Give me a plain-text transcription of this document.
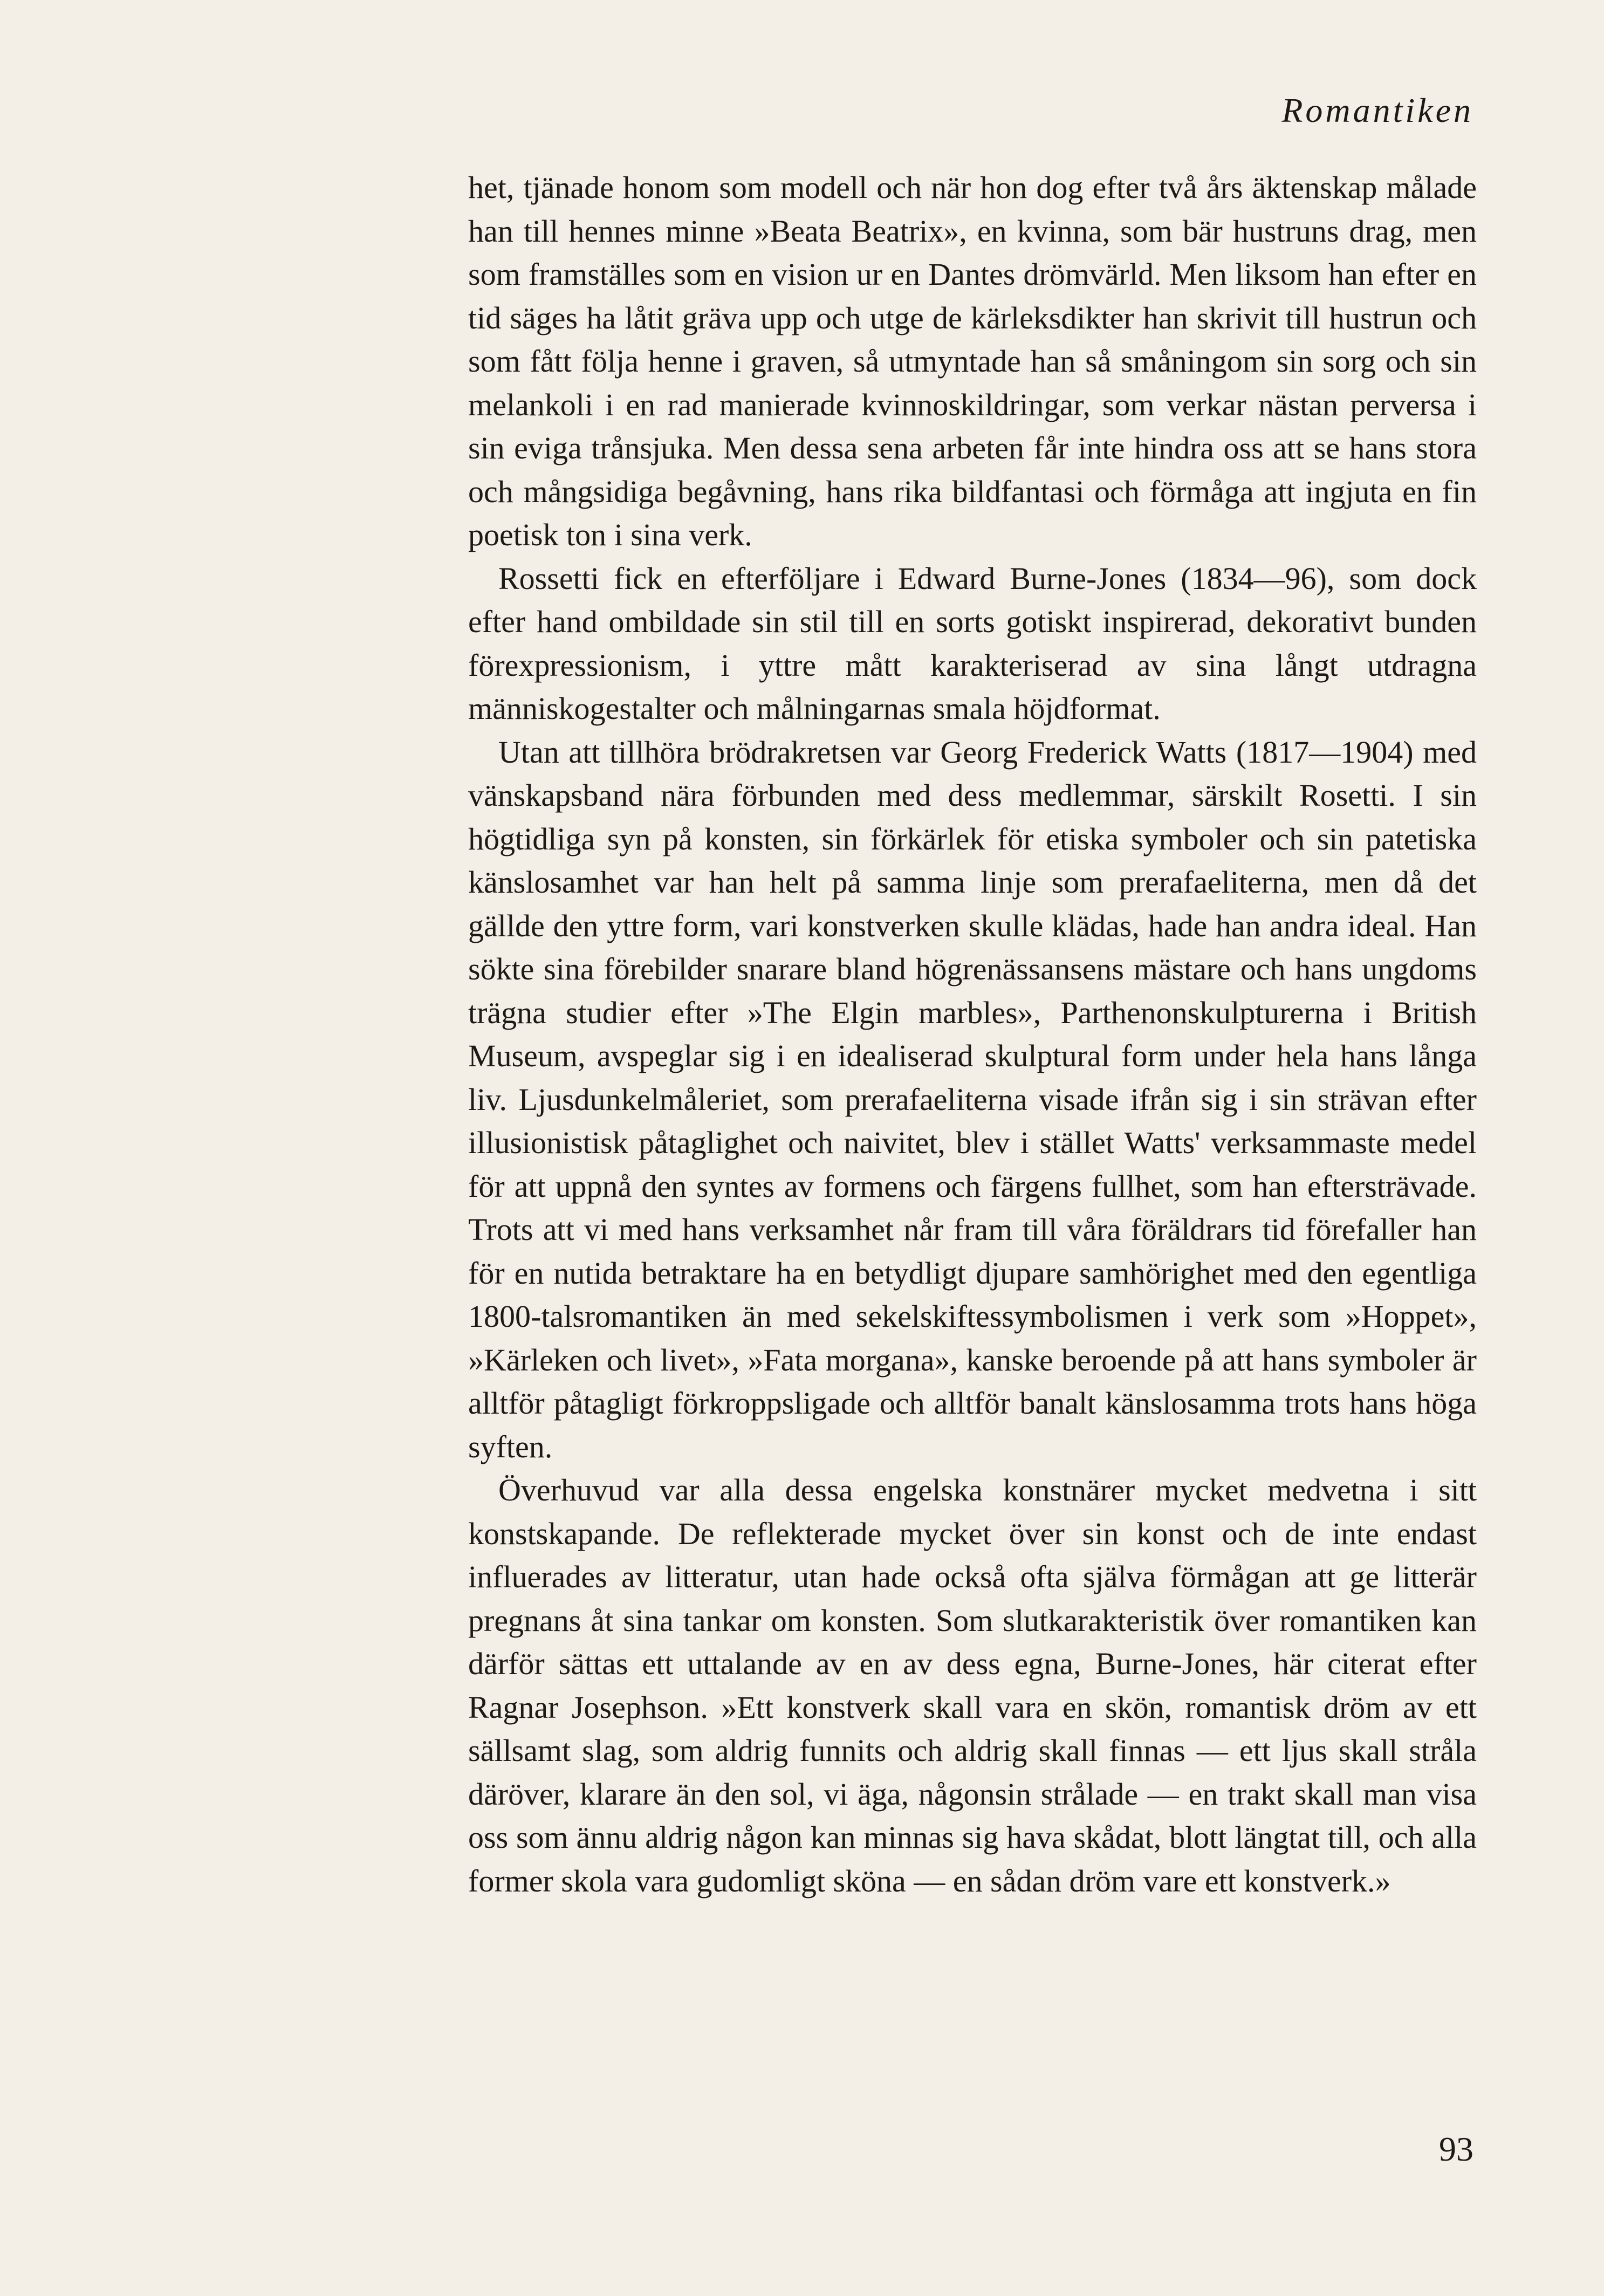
Romantiken

het, tjänade honom som modell och när hon dog efter två års äktenskap målade han till hennes minne »Beata Beatrix», en kvinna, som bär hustruns drag, men som framställes som en vision ur en Dantes drömvärld. Men liksom han efter en tid säges ha låtit gräva upp och utge de kärleksdikter han skrivit till hustrun och som fått följa henne i graven, så utmyntade han så småningom sin sorg och sin melankoli i en rad manierade kvinnoskildringar, som verkar nästan perversa i sin eviga trånsjuka. Men dessa sena arbeten får inte hindra oss att se hans stora och mångsidiga begåvning, hans rika bildfantasi och förmåga att ingjuta en fin poetisk ton i sina verk.

Rossetti fick en efterföljare i Edward Burne-Jones (1834—96), som dock efter hand ombildade sin stil till en sorts gotiskt inspirerad, dekorativt bunden förexpressionism, i yttre mått karakteriserad av sina långt utdragna människogestalter och målningarnas smala höjdformat.

Utan att tillhöra brödrakretsen var Georg Frederick Watts (1817—1904) med vänskapsband nära förbunden med dess medlemmar, särskilt Rosetti. I sin högtidliga syn på konsten, sin förkärlek för etiska symboler och sin patetiska känslosamhet var han helt på samma linje som prerafaeliterna, men då det gällde den yttre form, vari konstverken skulle klädas, hade han andra ideal. Han sökte sina förebilder snarare bland högrenässansens mästare och hans ungdoms trägna studier efter »The Elgin marbles», Parthenonskulpturerna i British Museum, avspeglar sig i en idealiserad skulptural form under hela hans långa liv. Ljusdunkelmåleriet, som prerafaeliterna visade ifrån sig i sin strävan efter illusionistisk påtaglighet och naivitet, blev i stället Watts' verksammaste medel för att uppnå den syntes av formens och färgens fullhet, som han eftersträvade. Trots att vi med hans verksamhet når fram till våra föräldrars tid förefaller han för en nutida betraktare ha en betydligt djupare samhörighet med den egentliga 1800-talsromantiken än med sekelskiftessymbolismen i verk som »Hoppet», »Kärleken och livet», »Fata morgana», kanske beroende på att hans symboler är alltför påtagligt förkroppsligade och alltför banalt känslosamma trots hans höga syften.

Överhuvud var alla dessa engelska konstnärer mycket medvetna i sitt konstskapande. De reflekterade mycket över sin konst och de inte endast influerades av litteratur, utan hade också ofta själva förmågan att ge litterär pregnans åt sina tankar om konsten. Som slutkarakteristik över romantiken kan därför sättas ett uttalande av en av dess egna, Burne-Jones, här citerat efter Ragnar Josephson. »Ett konstverk skall vara en skön, romantisk dröm av ett sällsamt slag, som aldrig funnits och aldrig skall finnas — ett ljus skall stråla däröver, klarare än den sol, vi äga, någonsin strålade — en trakt skall man visa oss som ännu aldrig någon kan minnas sig hava skådat, blott längtat till, och alla former skola vara gudomligt sköna — en sådan dröm vare ett konstverk.»

93
